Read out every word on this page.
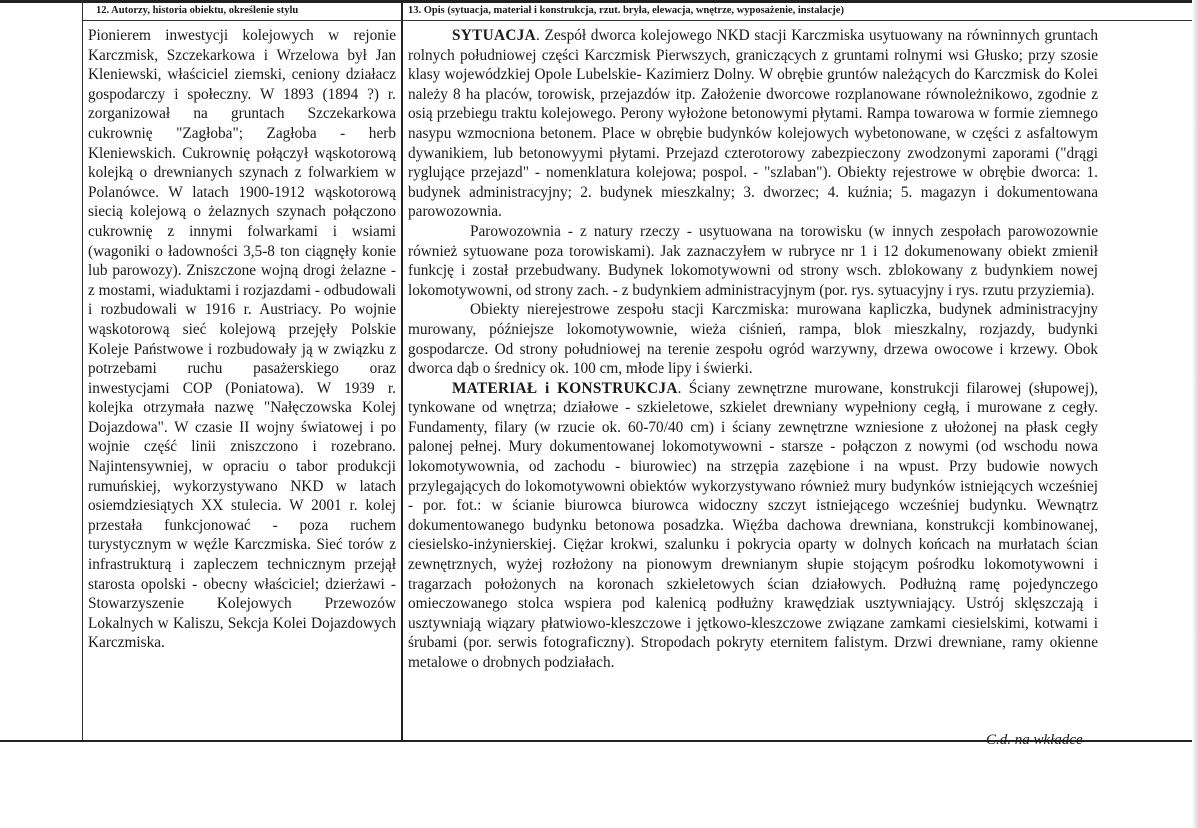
12. Autorzy, historia obiektu, określenie stylu	13. Opis (sytuacja, materiał i konstrukcja, rzut. bryła, elewacja, wnętrze, wyposażenie, instalacje)

Pionierem inwestycji kolejowych w rejonie Karczmisk, Szczekarkowa i Wrzelowa był Jan Kleniewski, właściciel ziemski, ceniony działacz gospodarczy i społeczny. W 1893 (1894 ?) r. zorganizował na gruntach Szczekarkowa cukrownię "Zagłoba"; Zagłoba - herb Kleniewskich. Cukrownię połączył wąskotorową kolejką o drewnianych szynach z folwarkiem w Polanówce. W latach 1900-1912 wąskotorową siecią kolejową o żelaznych szynach połączono cukrownię z innymi folwarkami i wsiami (wagoniki o ładowności 3,5-8 ton ciągnęły konie lub parowozy). Zniszczone wojną drogi żelazne - z mostami, wiaduktami i rozjazdami - odbudowali i rozbudowali w 1916 r. Austriacy. Po wojnie wąskotorową sieć kolejową przejęły Polskie Koleje Państwowe i rozbudowały ją w związku z potrzebami ruchu pasażerskiego oraz inwestycjami COP (Poniatowa). W 1939 r. kolejka otrzymała nazwę "Nałęczowska Kolej Dojazdowa". W czasie II wojny światowej i po wojnie część linii zniszczono i rozebrano. Najintensywniej, w opraciu o tabor produkcji rumuńskiej, wykorzystywano NKD w latach osiemdziesiątych XX stulecia. W 2001 r. kolej przestała funkcjonować - poza ruchem turystycznym w węźle Karczmiska. Sieć torów z infrastrukturą i zapleczem technicznym przejął starosta opolski - obecny właściciel; dzierżawi - Stowarzyszenie Kolejowych Przewozów Lokalnych w Kaliszu, Sekcja Kolei Dojazdowych Karczmiska.

SYTUACJA. Zespół dworca kolejowego NKD stacji Karczmiska usytuowany na równinnych gruntach rolnych południowej części Karczmisk Pierwszych, graniczących z gruntami rolnymi wsi Głusko; przy szosie klasy wojewódzkiej Opole Lubelskie- Kazimierz Dolny. W obrębie gruntów należących do Karczmisk do Kolei należy 8 ha placów, torowisk, przejazdów itp. Założenie dworcowe rozplanowane równoleżnikowo, zgodnie z osią przebiegu traktu kolejowego. Perony wyłożone betonowymi płytami. Rampa towarowa w formie ziemnego nasypu wzmocniona betonem. Place w obrębie budynków kolejowych wybetonowane, w części z asfaltowym dywanikiem, lub betonowyymi płytami. Przejazd czterotorowy zabezpieczony zwodzonymi zaporami ("drągi ryglujące przejazd" - nomenklatura kolejowa; pospol. - "szlaban"). Obiekty rejestrowe w obrębie dworca: 1. budynek administracyjny; 2. budynek mieszkalny; 3. dworzec; 4. kuźnia; 5. magazyn i dokumentowana parowozownia.

Parowozownia - z natury rzeczy - usytuowana na torowisku (w innych zespołach parowozownie również sytuowane poza torowiskami). Jak zaznaczyłem w rubryce nr 1 i 12 dokumenowany obiekt zmienił funkcję i został przebudwany. Budynek lokomotywowni od strony wsch. zblokowany z budynkiem nowej lokomotywowni, od strony zach. - z budynkiem administracyjnym (por. rys. sytuacyjny i rys. rzutu przyziemia).

Obiekty nierejestrowe zespołu stacji Karczmiska: murowana kapliczka, budynek administracyjny murowany, późniejsze lokomotywownie, wieża ciśnień, rampa, blok mieszkalny, rozjazdy, budynki gospodarcze. Od strony południowej na terenie zespołu ogród warzywny, drzewa owocowe i krzewy. Obok dworca dąb o średnicy ok. 100 cm, młode lipy i świerki.

MATERIAŁ i KONSTRUKCJA. Ściany zewnętrzne murowane, konstrukcji filarowej (słupowej), tynkowane od wnętrza; działowe - szkieletowe, szkielet drewniany wypełniony cegłą, i murowane z cegły. Fundamenty, filary (w rzucie ok. 60-70/40 cm) i ściany zewnętrzne wzniesione z ułożonej na płask cegły palonej pełnej. Mury dokumentowanej lokomotywowni - starsze - połączon z nowymi (od wschodu nowa lokomotywownia, od zachodu - biurowiec) na strzępia zazębione i na wpust. Przy budowie nowych przylegających do lokomotywowni obiektów wykorzystywano również mury budynków istniejących wcześniej - por. fot.: w ścianie biurowca biurowca widoczny szczyt istniejącego wcześniej budynku. Wewnątrz dokumentowanego budynku betonowa posadzka. Więźba dachowa drewniana, konstrukcji kombinowanej, ciesielsko-inżynierskiej. Ciężar krokwi, szalunku i pokrycia oparty w dolnych końcach na murłatach ścian zewnętrznych, wyżej rozłożony na pionowym drewnianym słupie stojącym pośrodku lokomotywowni i tragarzach położonych na koronach szkieletowych ścian działowych. Podłużną ramę pojedynczego omieczowanego stolca wspiera pod kalenicą podłużny krawędziak usztywniający. Ustrój sklęszczają i usztywniają wiązary płatwiowo-kleszczowe i jętkowo-kleszczowe związane zamkami ciesielskimi, kotwami i śrubami (por. serwis fotograficzny). Stropodach pokryty eternitem falistym. Drzwi drewniane, ramy okienne metalowe o drobnych podziałach.

C.d. na wkładce
